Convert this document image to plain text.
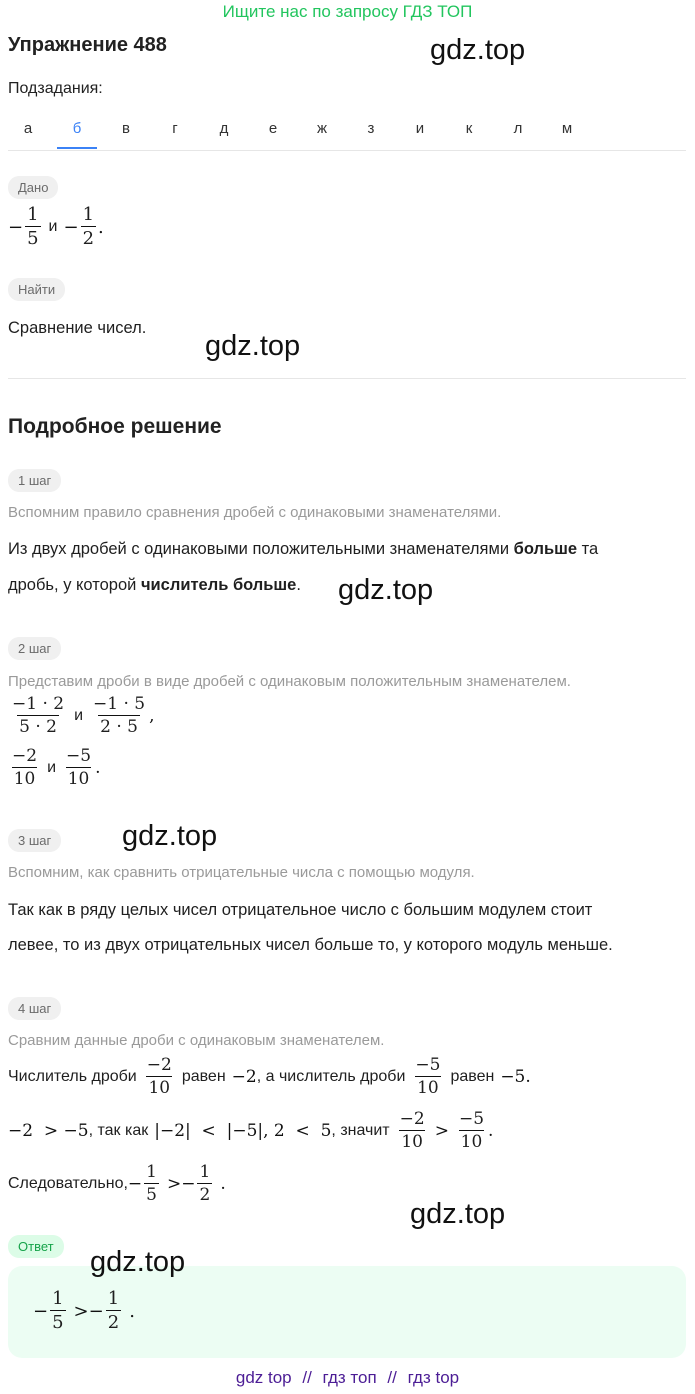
Ищите нас по запросу ГДЗ ТОП
Упражнение 488	gdz.top
Подзадания:
а	б	в	г	д	е	ж	з	и	к	л	м
Дано
− $\frac{1}{5}$ $и - \frac{1}{2}$ .
Найти
Сравнение чисел.
gdz.top
Подробное решение
1 шаг
Вспомним правило сравнения дробей с одинаковыми знаменателями.
Из двух дробей с одинаковыми положительными знаменателями больше та
дробь, у которой числитель больше. gdz.top
2 шаг
Представим дроби в виде дробей с одинаковым положительным знаменателем.
$\frac{-1 \cdot 2}{5 \cdot 2}$ и $\frac{-1 \cdot 5}{2 \cdot 5}$ ,
$\frac{-2}{10}$ и $\frac{-5}{10}$ .
3 шаг	gdz.top
Вспомним, как сравнить отрицательные числа с помощью модуля.
Так как в ряду целых чисел отрицательное число с большим модулем стоит
левее, то из двух отрицательных чисел больше то, у которого модуль меньше.
4 шаг
Сравним данные дроби с одинаковым знаменателем.
Числитель дроби $\frac{-2}{10}$ равен −2 , а числитель дроби $\frac{-5}{10}$ равен −5.
−2  > −5 , так как |−2|  <  |−5|, 2  <  5 , значит $\frac{-2}{10} > \frac{-5}{10}$ .
Следовательно, − $\frac{1}{5}$ > − $\frac{1}{2}$ .
gdz.top
Ответ	gdz.top
− $\frac{1}{5}$ > − $\frac{1}{2}$ .
gdz top // гдз топ // гдз top
